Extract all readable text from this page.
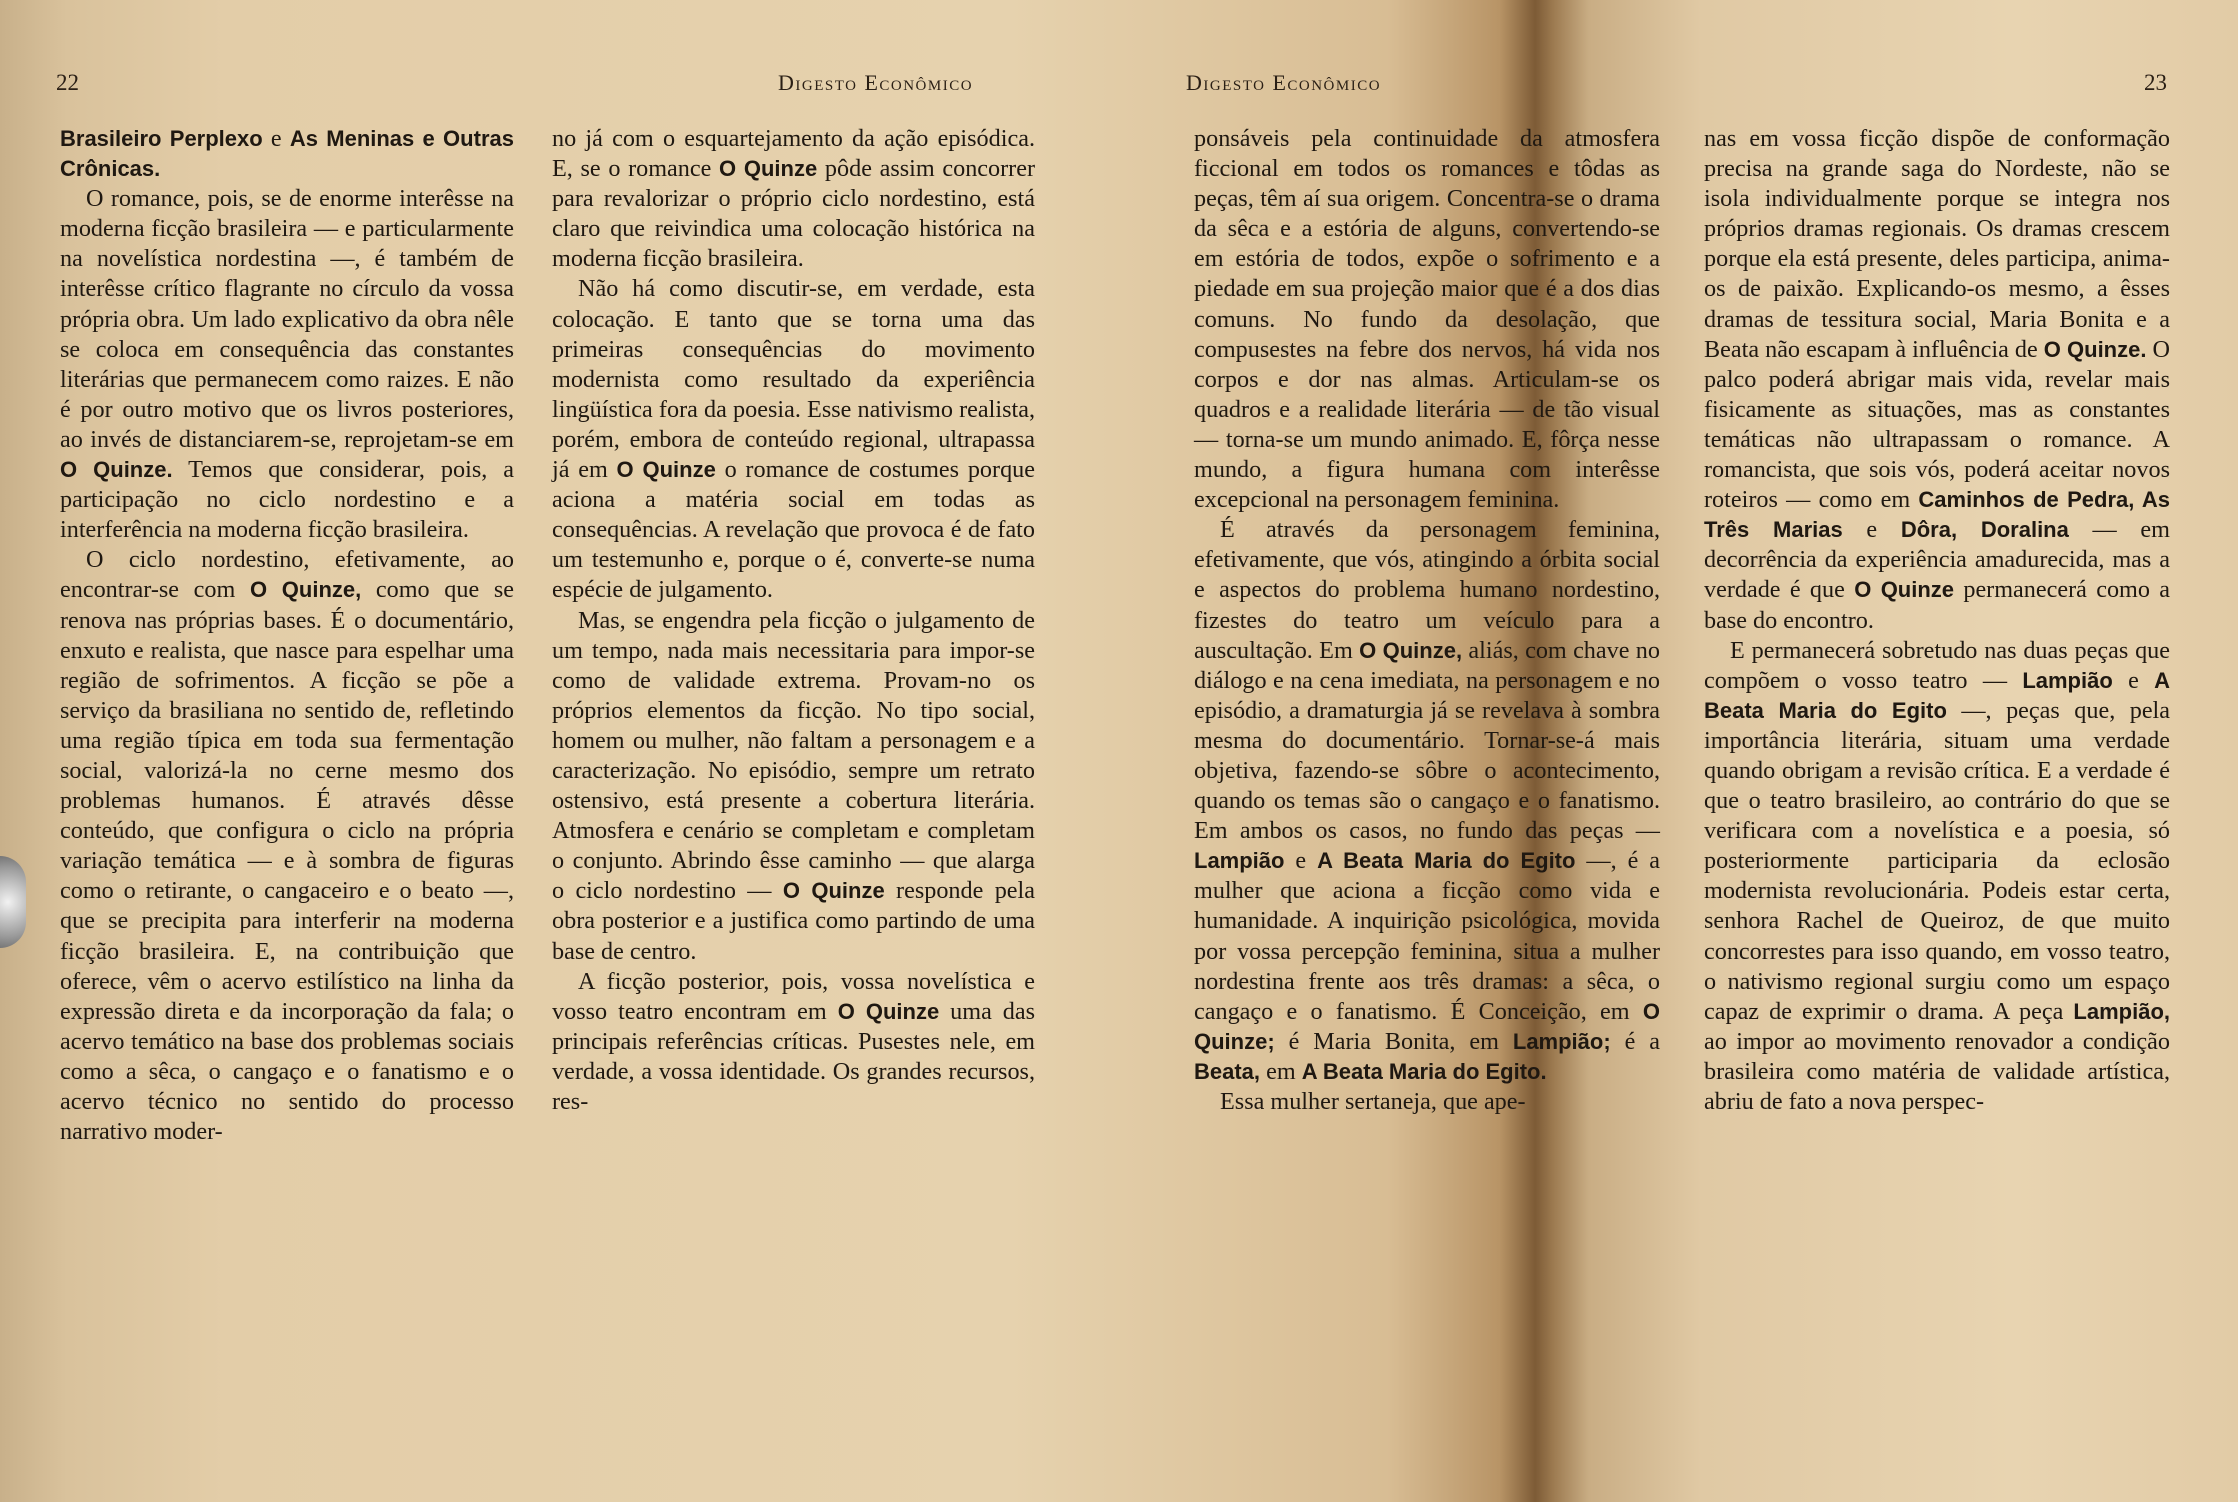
22	Digesto Econômico

Brasileiro Perplexo e As Meninas e Outras Crônicas.

O romance, pois, se de enorme interêsse na moderna ficção brasileira — e particularmente na novelística nordestina —, é também de interêsse crítico flagrante no círculo da vossa própria obra. Um lado explicativo da obra nêle se coloca em consequência das constantes literárias que permanecem como raizes. E não é por outro motivo que os livros posteriores, ao invés de distanciarem-se, reprojetam-se em O Quinze. Temos que considerar, pois, a participação no ciclo nordestino e a interferência na moderna ficção brasileira.

O ciclo nordestino, efetivamente, ao encontrar-se com O Quinze, como que se renova nas próprias bases. É o documentário, enxuto e realista, que nasce para espelhar uma região de sofrimentos. A ficção se põe a serviço da brasiliana no sentido de, refletindo uma região típica em toda sua fermentação social, valorizá-la no cerne mesmo dos problemas humanos. É através dêsse conteúdo, que configura o ciclo na própria variação temática — e à sombra de figuras como o retirante, o cangaceiro e o beato —, que se precipita para interferir na moderna ficção brasileira. E, na contribuição que oferece, vêm o acervo estilístico na linha da expressão direta e da incorporação da fala; o acervo temático na base dos problemas sociais como a sêca, o cangaço e o fanatismo e o acervo técnico no sentido do processo narrativo moder-

no já com o esquartejamento da ação episódica. E, se o romance O Quinze pôde assim concorrer para revalorizar o próprio ciclo nordestino, está claro que reivindica uma colocação histórica na moderna ficção brasileira.

Não há como discutir-se, em verdade, esta colocação. E tanto que se torna uma das primeiras consequências do movimento modernista como resultado da experiência lingüística fora da poesia. Esse nativismo realista, porém, embora de conteúdo regional, ultrapassa já em O Quinze o romance de costumes porque aciona a matéria social em todas as consequências. A revelação que provoca é de fato um testemunho e, porque o é, converte-se numa espécie de julgamento.

Mas, se engendra pela ficção o julgamento de um tempo, nada mais necessitaria para impor-se como de validade extrema. Provam-no os próprios elementos da ficção. No tipo social, homem ou mulher, não faltam a personagem e a caracterização. No episódio, sempre um retrato ostensivo, está presente a cobertura literária. Atmosfera e cenário se completam e completam o conjunto. Abrindo êsse caminho — que alarga o ciclo nordestino — O Quinze responde pela obra posterior e a justifica como partindo de uma base de centro.

A ficção posterior, pois, vossa novelística e vosso teatro encontram em O Quinze uma das principais referências críticas. Pusestes nele, em verdade, a vossa identidade. Os grandes recursos, res-

Digesto Econômico	23

ponsáveis pela continuidade da atmosfera ficcional em todos os romances e tôdas as peças, têm aí sua origem. Concentra-se o drama da sêca e a estória de alguns, convertendo-se em estória de todos, expõe o sofrimento e a piedade em sua projeção maior que é a dos dias comuns. No fundo da desolação, que compusestes na febre dos nervos, há vida nos corpos e dor nas almas. Articulam-se os quadros e a realidade literária — de tão visual — torna-se um mundo animado. E, fôrça nesse mundo, a figura humana com interêsse excepcional na personagem feminina.

É através da personagem feminina, efetivamente, que vós, atingindo a órbita social e aspectos do problema humano nordestino, fizestes do teatro um veículo para a auscultação. Em O Quinze, aliás, com chave no diálogo e na cena imediata, na personagem e no episódio, a dramaturgia já se revelava à sombra mesma do documentário. Tornar-se-á mais objetiva, fazendo-se sôbre o acontecimento, quando os temas são o cangaço e o fanatismo. Em ambos os casos, no fundo das peças — Lampião e A Beata Maria do Egito —, é a mulher que aciona a ficção como vida e humanidade. A inquirição psicológica, movida por vossa percepção feminina, situa a mulher nordestina frente aos três dramas: a sêca, o cangaço e o fanatismo. É Conceição, em O Quinze; é Maria Bonita, em Lampião; é a Beata, em A Beata Maria do Egito.

Essa mulher sertaneja, que ape-

nas em vossa ficção dispõe de conformação precisa na grande saga do Nordeste, não se isola individualmente porque se integra nos próprios dramas regionais. Os dramas crescem porque ela está presente, deles participa, anima-os de paixão. Explicando-os mesmo, a êsses dramas de tessitura social, Maria Bonita e a Beata não escapam à influência de O Quinze. O palco poderá abrigar mais vida, revelar mais fisicamente as situações, mas as constantes temáticas não ultrapassam o romance. A romancista, que sois vós, poderá aceitar novos roteiros — como em Caminhos de Pedra, As Três Marias e Dôra, Doralina — em decorrência da experiência amadurecida, mas a verdade é que O Quinze permanecerá como a base do encontro.

E permanecerá sobretudo nas duas peças que compõem o vosso teatro — Lampião e A Beata Maria do Egito —, peças que, pela importância literária, situam uma verdade quando obrigam a revisão crítica. E a verdade é que o teatro brasileiro, ao contrário do que se verificara com a novelística e a poesia, só posteriormente participaria da eclosão modernista revolucionária. Podeis estar certa, senhora Rachel de Queiroz, de que muito concorrestes para isso quando, em vosso teatro, o nativismo regional surgiu como um espaço capaz de exprimir o drama. A peça Lampião, ao impor ao movimento renovador a condição brasileira como matéria de validade artística, abriu de fato a nova perspec-
